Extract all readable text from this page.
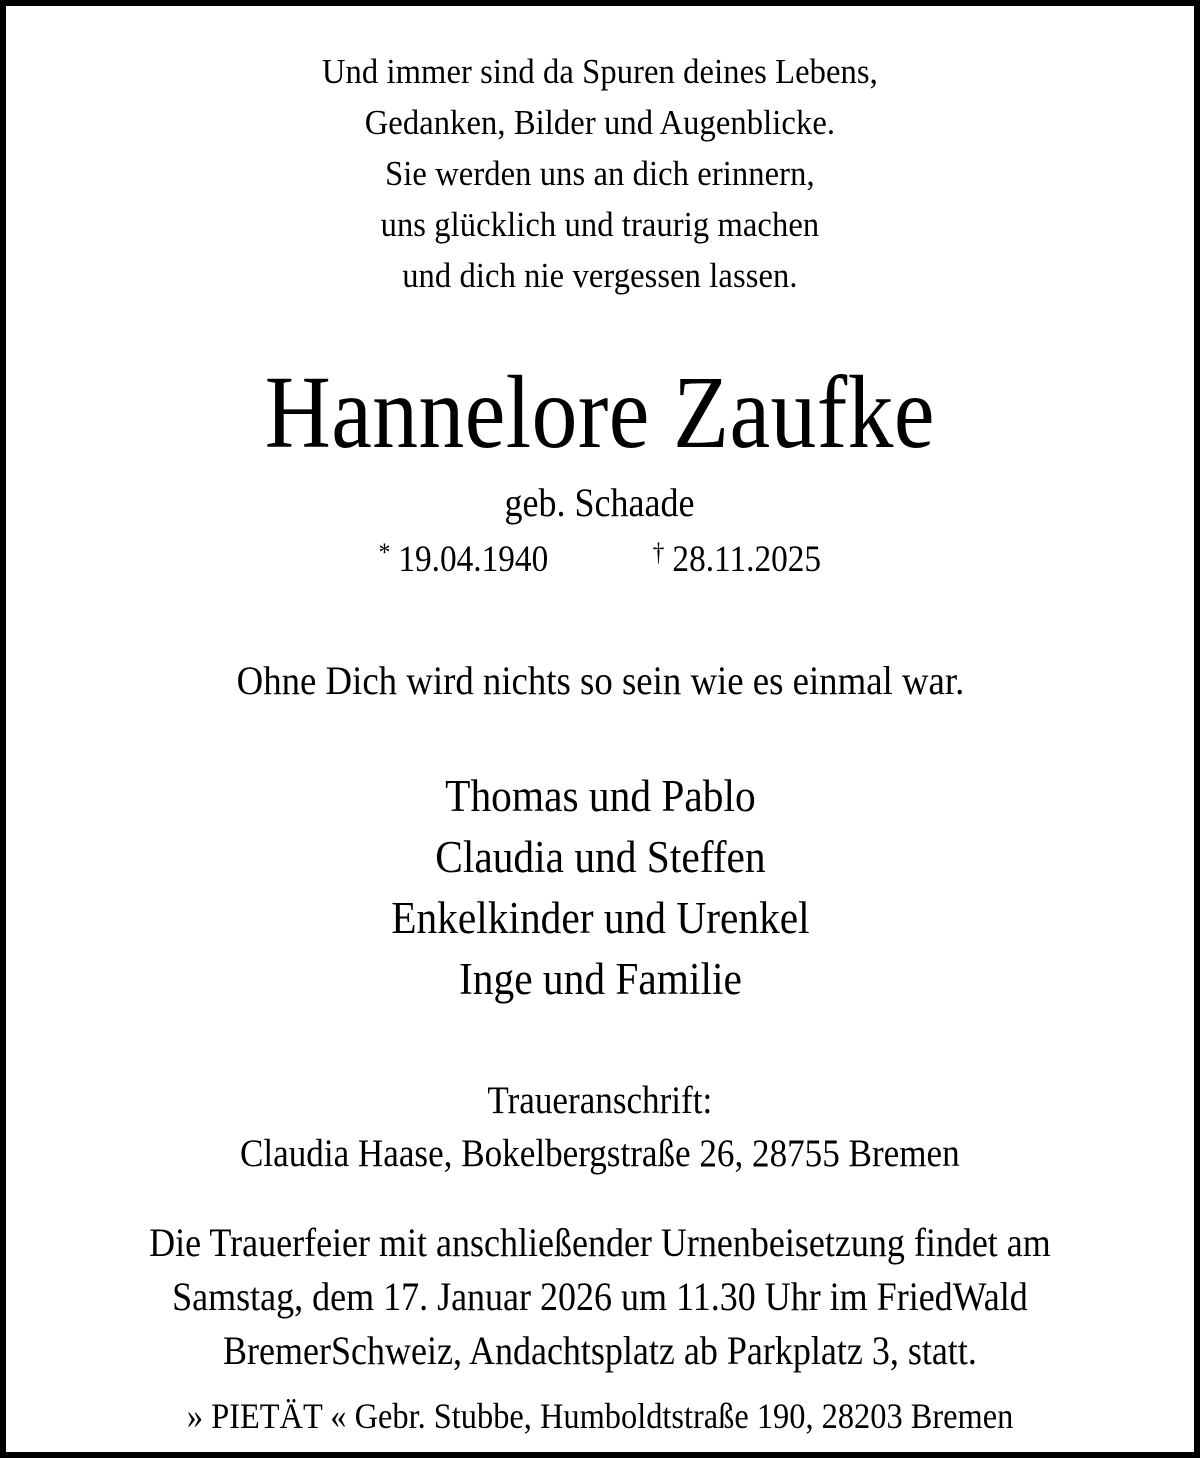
Und immer sind da Spuren deines Lebens,
Gedanken, Bilder und Augenblicke.
Sie werden uns an dich erinnern,
uns glücklich und traurig machen
und dich nie vergessen lassen.
Hannelore Zaufke
geb. Schaade
* 19.04.1940	† 28.11.2025
Ohne Dich wird nichts so sein wie es einmal war.
Thomas und Pablo
Claudia und Steffen
Enkelkinder und Urenkel
Inge und Familie
Traueranschrift:
Claudia Haase, Bokelbergstraße 26, 28755 Bremen
Die Trauerfeier mit anschließender Urnenbeisetzung findet am
Samstag, dem 17. Januar 2026 um 11.30 Uhr im FriedWald
BremerSchweiz, Andachtsplatz ab Parkplatz 3, statt.
» PIETÄT « Gebr. Stubbe, Humboldtstraße 190, 28203 Bremen
